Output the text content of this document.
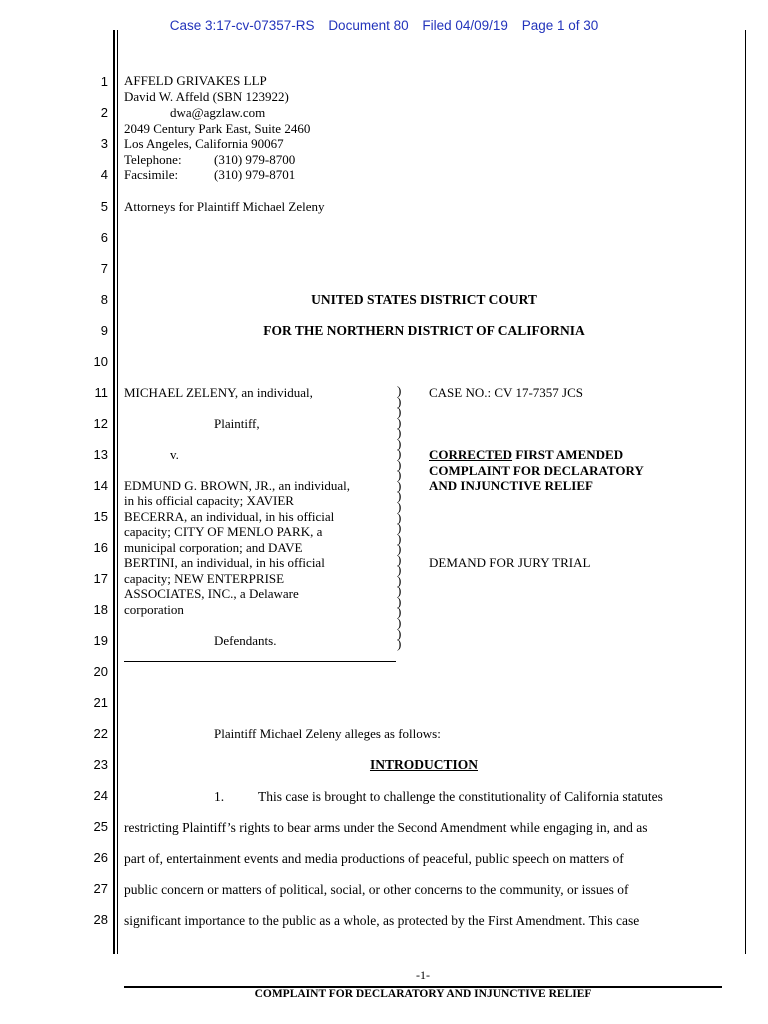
Case 3:17-cv-07357-RS Document 80 Filed 04/09/19 Page 1 of 30
1
2
3
4
5
6
7
8
9
10
11
12
13
14
15
16
17
18
19
20
21
22
23
24
25
26
27
28
AFFELD GRIVAKES LLP
David W. Affeld (SBN 123922)
dwa@agzlaw.com
2049 Century Park East, Suite 2460
Los Angeles, California 90067
Telephone: (310) 979-8700
Facsimile:	(310) 979-8701
Attorneys for Plaintiff Michael Zeleny
UNITED STATES DISTRICT COURT
FOR THE NORTHERN DISTRICT OF CALIFORNIA
MICHAEL ZELENY, an individual,
Plaintiff,
v.
EDMUND G. BROWN, JR., an individual,
in his official capacity; XAVIER
BECERRA, an individual, in his official
capacity; CITY OF MENLO PARK, a
municipal corporation; and DAVE
BERTINI, an individual, in his official
capacity; NEW ENTERPRISE
ASSOCIATES, INC., a Delaware
corporation
Defendants.
)
)
)
)
)
)
)
)
)
)
)
)
)
)
)
)
)
)
)
)
)
)
)
)
)
CASE NO.: CV 17-7357 JCS
CORRECTED FIRST AMENDED
COMPLAINT FOR DECLARATORY
AND INJUNCTIVE RELIEF
DEMAND FOR JURY TRIAL
Plaintiff Michael Zeleny alleges as follows:
INTRODUCTION
1.	This case is brought to challenge the constitutionality of California statutes
restricting Plaintiff’s rights to bear arms under the Second Amendment while engaging in, and as
part of, entertainment events and media productions of peaceful, public speech on matters of
public concern or matters of political, social, or other concerns to the community, or issues of
significant importance to the public as a whole, as protected by the First Amendment. This case
-1-
COMPLAINT FOR DECLARATORY AND INJUNCTIVE RELIEF
